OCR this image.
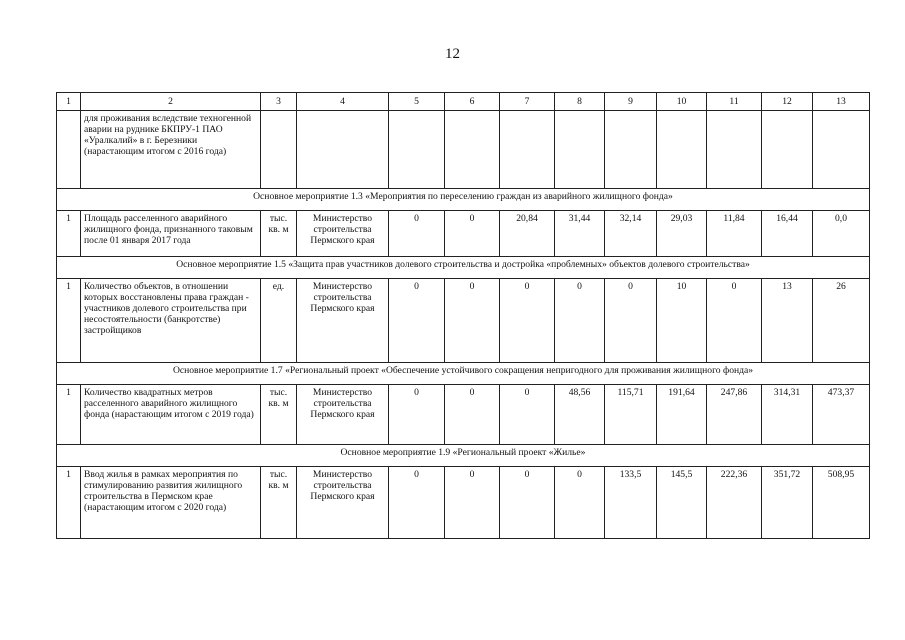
12
1	2	3	4	5	6	7	8	9	10	11	12	13
	для проживания вследствие техногенной аварии на руднике БКПРУ-1 ПАО «Уралкалий» в г. Березники (нарастающим итогом с 2016 года)											
Основное мероприятие 1.3 «Мероприятия по переселению граждан из аварийного жилищного фонда»												
1	Площадь расселенного аварийного жилищного фонда, признанного таковым после 01 января 2017 года	тыс. кв. м	Министерство строительства Пермского края	0	0	20,84	31,44	32,14	29,03	11,84	16,44	0,0
Основное мероприятие 1.5 «Защита прав участников долевого строительства и достройка «проблемных» объектов долевого строительства»												
1	Количество объектов, в отношении которых восстановлены права граждан - участников долевого строительства при несостоятельности (банкротстве) застройщиков	ед.	Министерство строительства Пермского края	0	0	0	0	0	10	0	13	26
Основное мероприятие 1.7 «Региональный проект «Обеспечение устойчивого сокращения непригодного для проживания жилищного фонда»												
1	Количество квадратных метров расселенного аварийного жилищного фонда (нарастающим итогом с 2019 года)	тыс. кв. м	Министерство строительства Пермского края	0	0	0	48,56	115,71	191,64	247,86	314,31	473,37
Основное мероприятие 1.9 «Региональный проект «Жилье»												
1	Ввод жилья в рамках мероприятия по стимулированию развития жилищного строительства в Пермском крае (нарастающим итогом с 2020 года)	тыс. кв. м	Министерство строительства Пермского края	0	0	0	0	133,5	145,5	222,36	351,72	508,95
